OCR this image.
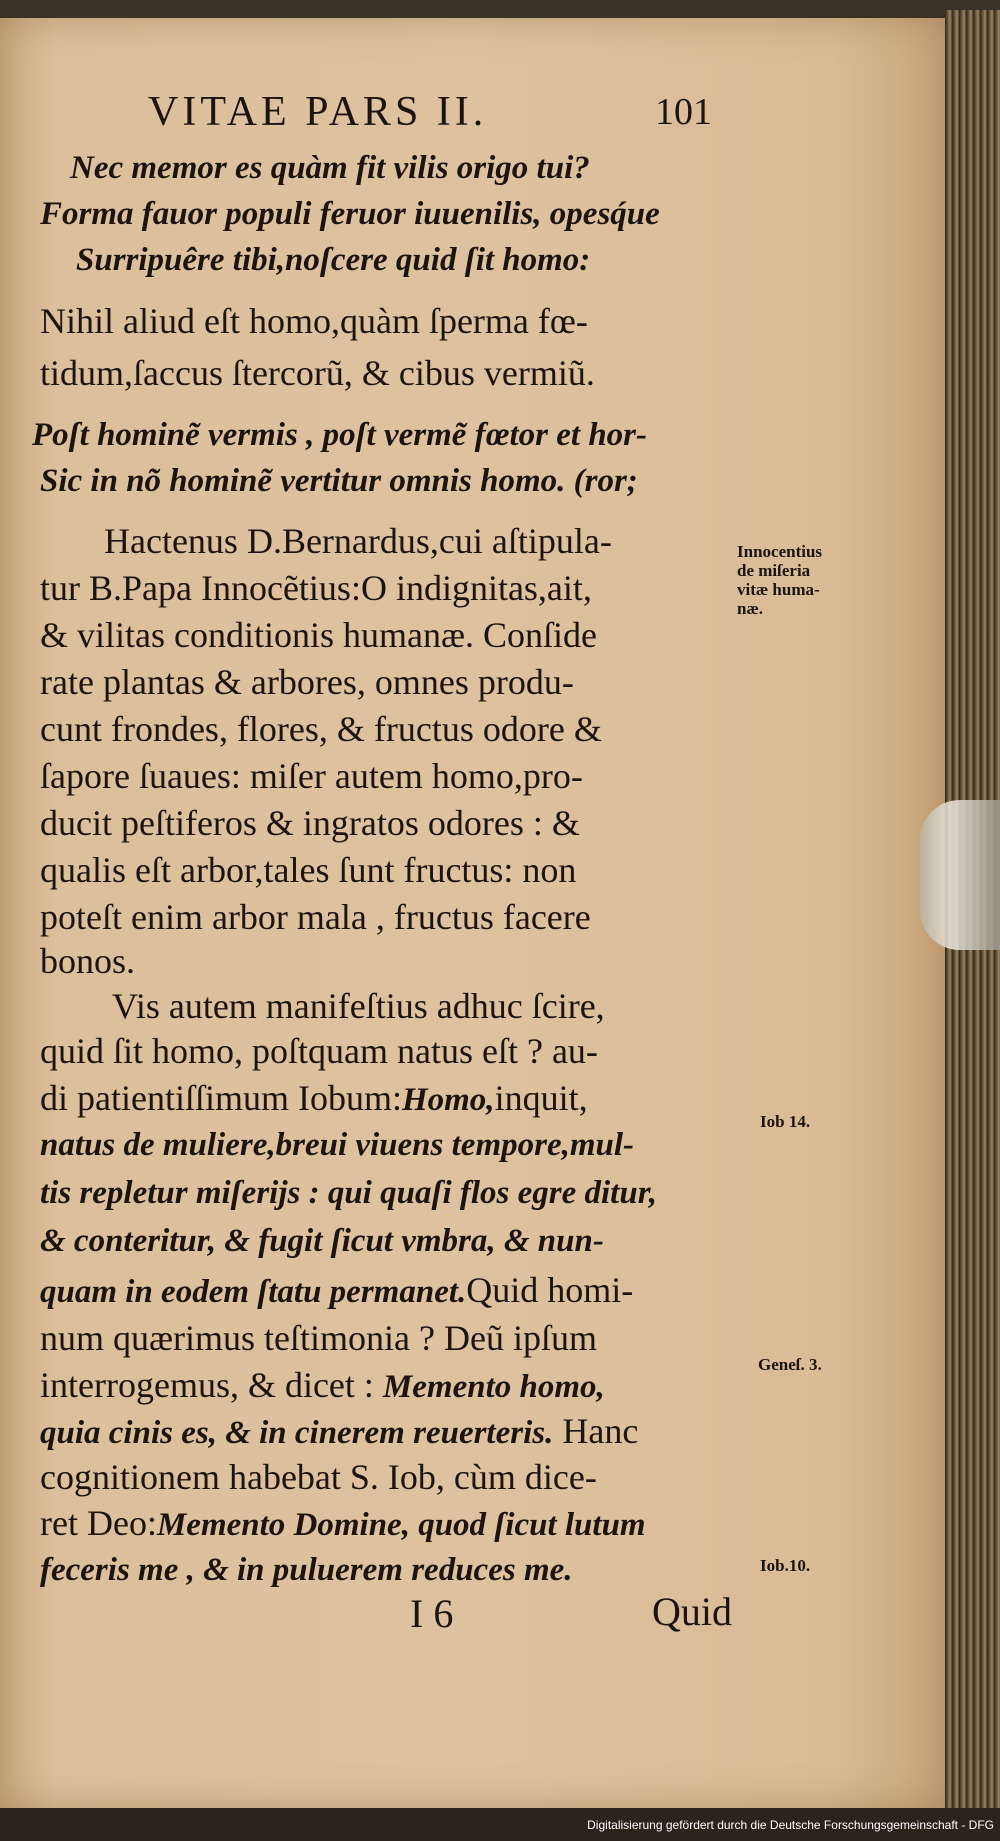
VITAE PARS II.	101
Nec memor es quàm fit vilis origo tui?
Forma fauor populi feruor iuuenilis, opesq́ue
Surripuêre tibi,noſcere quid ſit homo:
Nihil aliud eſt homo,quàm ſperma fœ-
tidum,ſaccus ſtercorũ, & cibus vermiũ.
Poſt hominẽ vermis , poſt vermẽ fœtor et hor-
Sic in nõ hominẽ vertitur omnis homo. (ror;
Hactenus D.Bernardus,cui aſtipula-
tur B.Papa Innocẽtius:O indignitas,ait,
& vilitas conditionis humanæ. Conſide
rate plantas & arbores, omnes produ-
cunt frondes, flores, & fructus odore &
ſapore ſuaues: miſer autem homo,pro-
ducit peſtiferos & ingratos odores : &
qualis eſt arbor,tales ſunt fructus: non
poteſt enim arbor mala , fructus facere
bonos.
Vis autem manifeſtius adhuc ſcire,
quid ſit homo, poſtquam natus eſt ? au-
di patientiſſimum Iobum:Homo,inquit,
natus de muliere,breui viuens tempore,mul-
tis repletur miſerijs : qui quaſi flos egre ditur,
& conteritur, & fugit ſicut vmbra, & nun-
quam in eodem ſtatu permanet.Quid homi-
num quærimus teſtimonia ? Deũ ipſum
interrogemus, & dicet : Memento homo,
quia cinis es, & in cinerem reuerteris. Hanc
cognitionem habebat S. Iob, cùm dice-
ret Deo:Memento Domine, quod ſicut lutum
feceris me , & in puluerem reduces me.
Innocentius
de miſeria
vitæ huma-
næ.
Iob 14.
Geneſ. 3.
Iob.10.
I 6	Quid
Digitalisierung gefördert durch die Deutsche Forschungsgemeinschaft - DFG
